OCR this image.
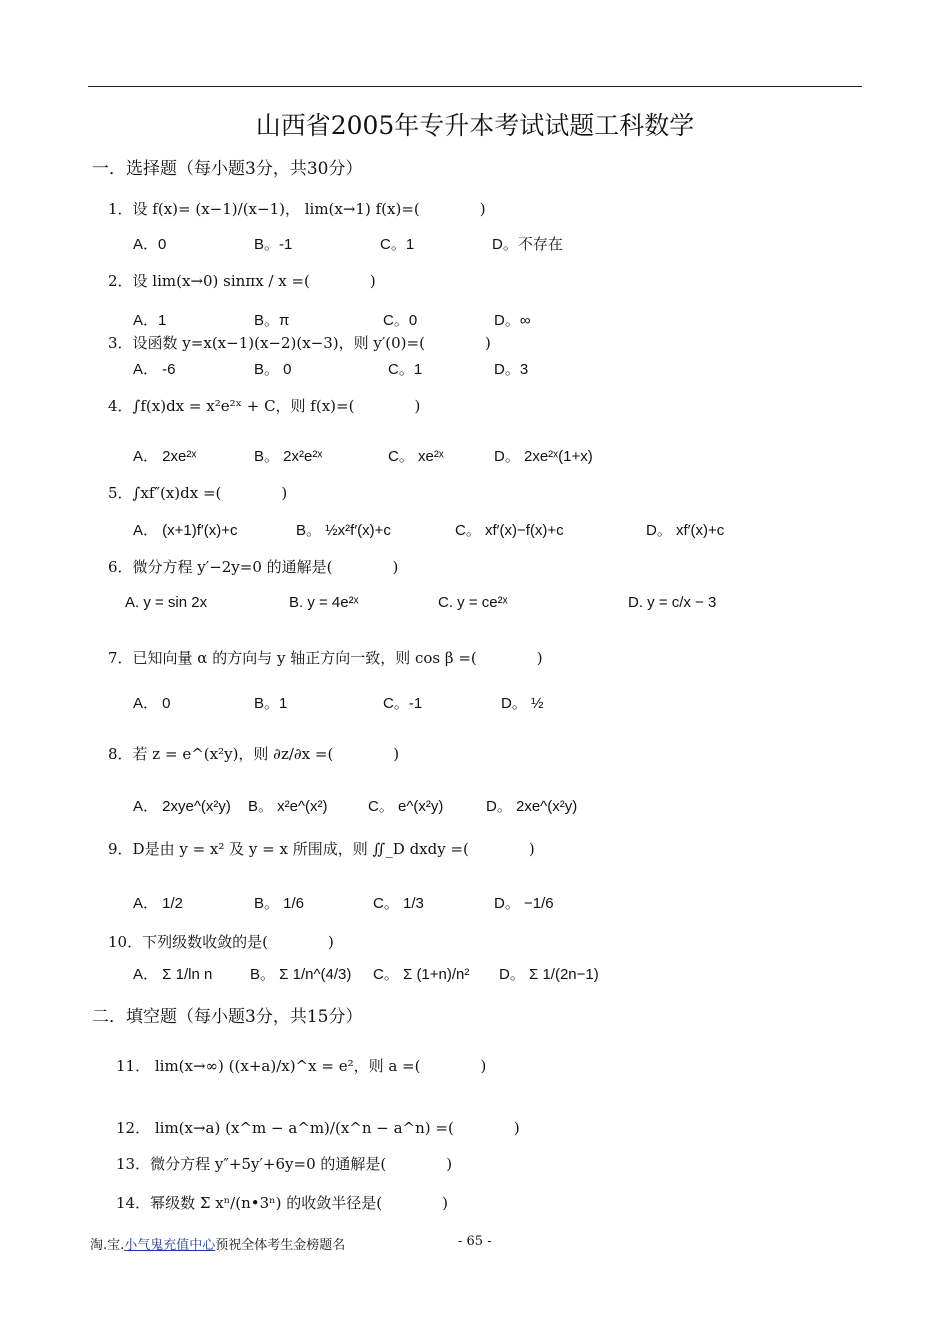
山西省2005年专升本考试试题工科数学
一．选择题（每小题3分，共30分）
1．设 f(x)= (x−1)/(x−1)， lim(x→1) f(x)=(　　　　)
A．0	B。-1	C。1	D。不存在
2．设 lim(x→0) sinπx / x =(　　　　)
A．1	B。π	C。0	D。∞
3．设函数 y=x(x−1)(x−2)(x−3)，则 y′(0)=(　　　　)
A． -6	B。 0	C。1	D。3
4．∫f(x)dx = x²e²ˣ + C，则 f(x)=(　　　　)
A． 2xe²ˣ	B。 2x²e²ˣ	C。 xe²ˣ	D。 2xe²ˣ(1+x)
5．∫xf″(x)dx =(　　　　)
A． (x+1)f′(x)+c	B。 ½x²f′(x)+c	C。 xf′(x)−f(x)+c	D。 xf′(x)+c
6．微分方程 y′−2y=0 的通解是(　　　　)
A. y = sin 2x	B. y = 4e²ˣ	C. y = ce²ˣ	D. y = c/x − 3
7．已知向量 α 的方向与 y 轴正方向一致，则 cos β =(　　　　)
A． 0	B。1	C。-1	D。 ½
8．若 z = e^(x²y)，则 ∂z/∂x =(　　　　)
A． 2xye^(x²y) B。 x²e^(x²)	C。 e^(x²y)	D。 2xe^(x²y)
9．D是由 y = x² 及 y = x 所围成，则 ∬_D dxdy =(　　　　)
A． 1/2	B。 1/6	C。 1/3	D。 −1/6
10．下列级数收敛的是(　　　　)
A． Σ 1/ln n	B。 Σ 1/n^(4/3) C。 Σ (1+n)/n² D。 Σ 1/(2n−1)
二．填空题（每小题3分，共15分）
11． lim(x→∞) ((x+a)/x)^x = e²，则 a =(　　　　)
12． lim(x→a) (x^m − a^m)/(x^n − a^n) =(　　　　)
13．微分方程 y″+5y′+6y=0 的通解是(　　　　)
14．幂级数 Σ xⁿ/(n•3ⁿ) 的收敛半径是(　　　　)
淘.宝.小气鬼充值中心预祝全体考生金榜题名	- 65 -
